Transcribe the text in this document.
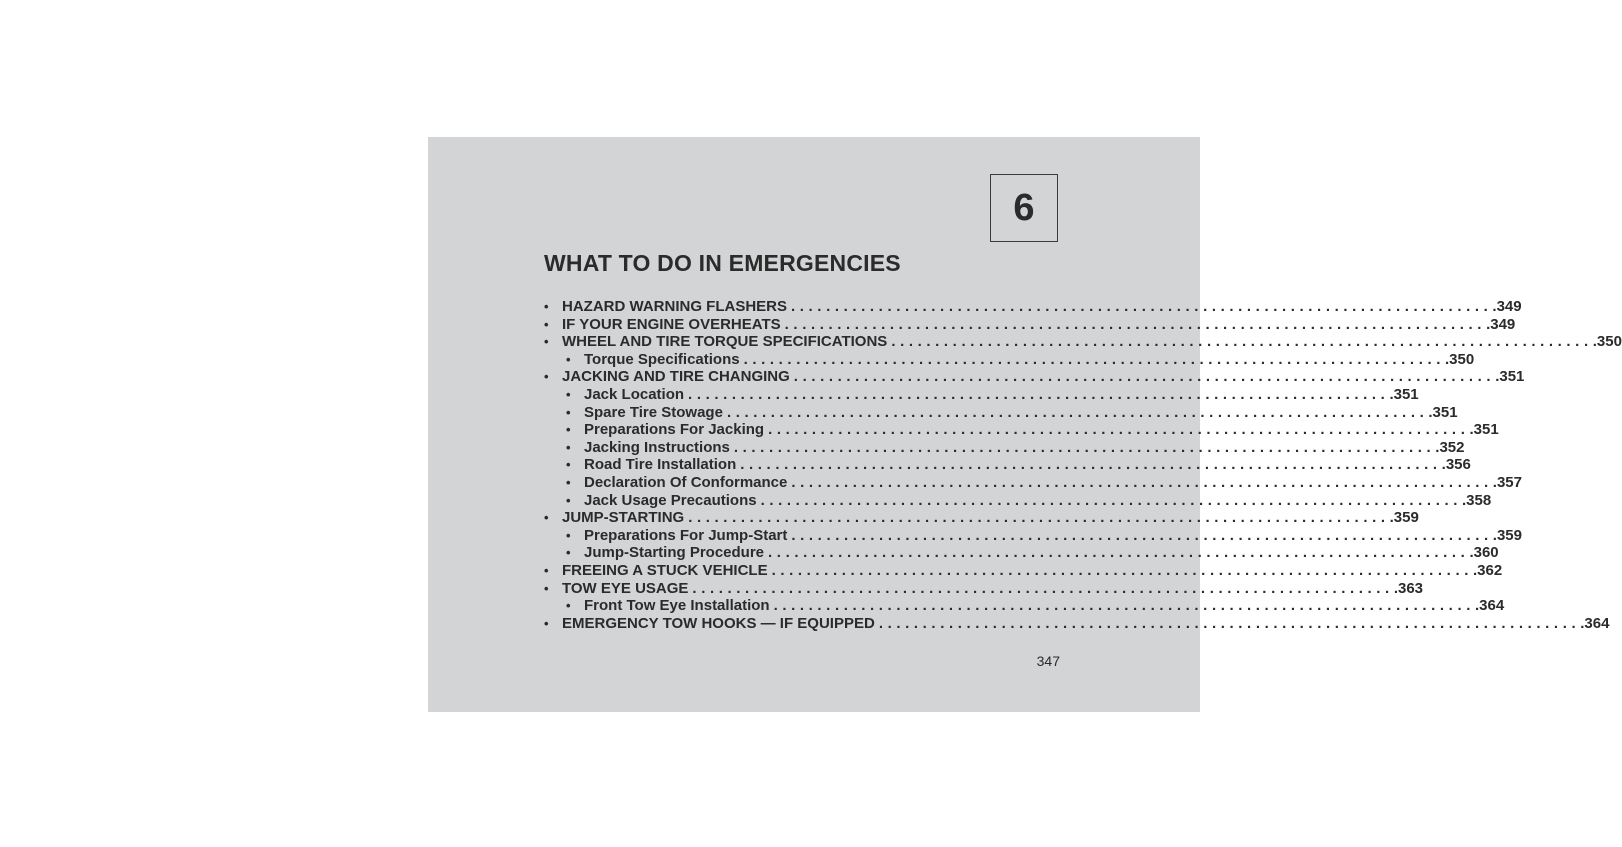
6
WHAT TO DO IN EMERGENCIES
• HAZARD WARNING FLASHERS ................................................................................ .349
• IF YOUR ENGINE OVERHEATS ................................................................................ .349
• WHEEL AND TIRE TORQUE SPECIFICATIONS ................................................................................ .350
• Torque Specifications ................................................................................ .350
• JACKING AND TIRE CHANGING ................................................................................ .351
• Jack Location ................................................................................ .351
• Spare Tire Stowage ................................................................................ .351
• Preparations For Jacking ................................................................................ .351
• Jacking Instructions ................................................................................ .352
• Road Tire Installation ................................................................................ .356
• Declaration Of Conformance ................................................................................ .357
• Jack Usage Precautions ................................................................................ .358
• JUMP-STARTING ................................................................................ .359
• Preparations For Jump-Start ................................................................................ .359
• Jump-Starting Procedure ................................................................................ .360
• FREEING A STUCK VEHICLE ................................................................................ .362
• TOW EYE USAGE ................................................................................ .363
• Front Tow Eye Installation ................................................................................ .364
• EMERGENCY TOW HOOKS — IF EQUIPPED ................................................................................ .364
347
